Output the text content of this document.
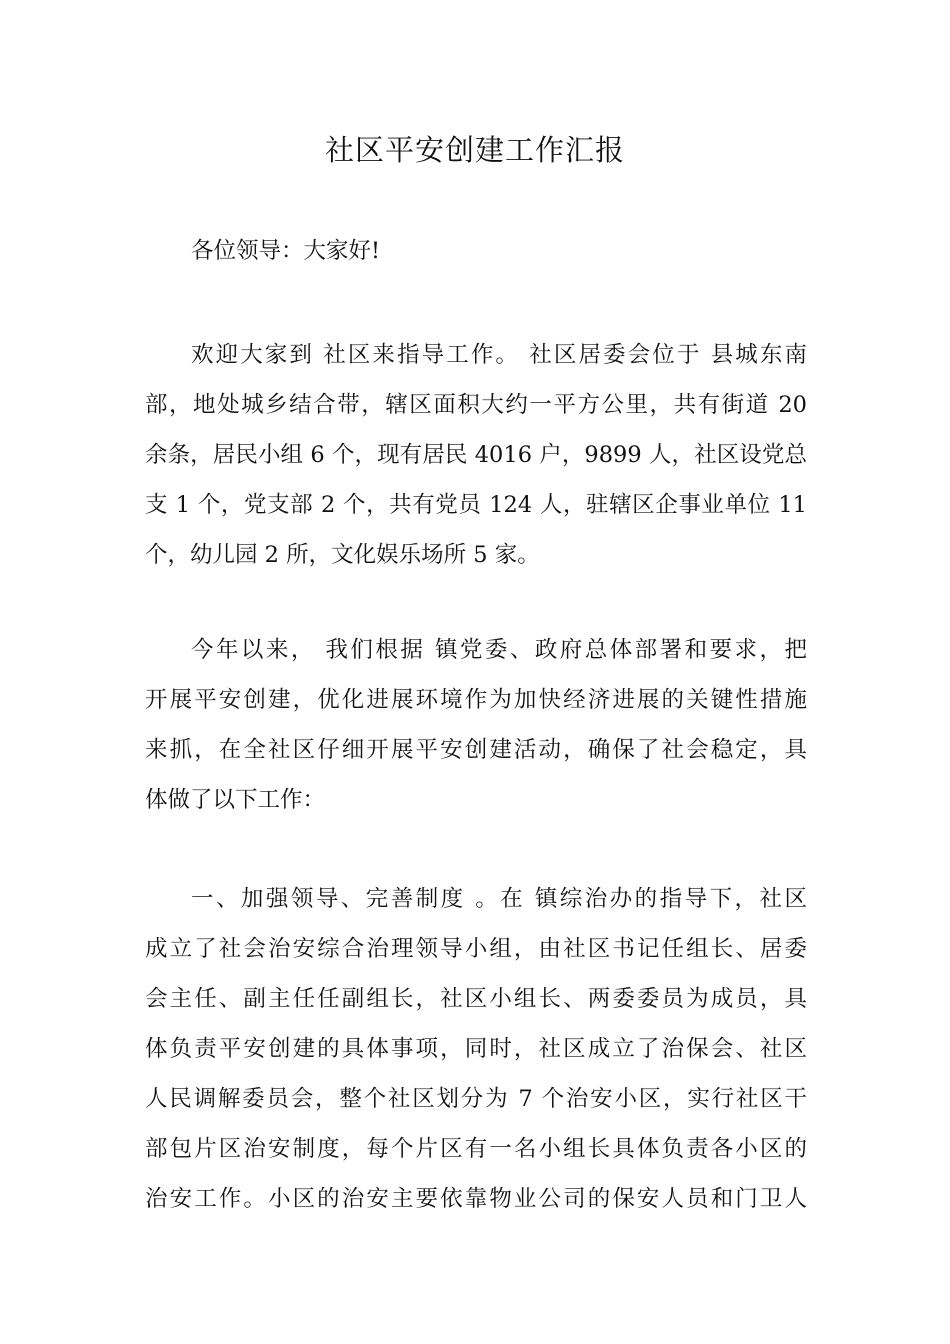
社区平安创建工作汇报
各位领导：大家好!
欢迎大家到 社区来指导工作。 社区居委会位于 县城东南
部，地处城乡结合带，辖区面积大约一平方公里，共有街道 20
余条，居民小组 6 个，现有居民 4016 户，9899 人，社区设党总
支 1 个，党支部 2 个，共有党员 124 人，驻辖区企事业单位 11
个，幼儿园 2 所，文化娱乐场所 5 家。
今年以来， 我们根据 镇党委、政府总体部署和要求，把
开展平安创建，优化进展环境作为加快经济进展的关键性措施
来抓，在全社区仔细开展平安创建活动，确保了社会稳定，具
体做了以下工作：
一、加强领导、完善制度 。在 镇综治办的指导下，社区
成立了社会治安综合治理领导小组，由社区书记任组长、居委
会主任、副主任任副组长，社区小组长、两委委员为成员，具
体负责平安创建的具体事项，同时，社区成立了治保会、社区
人民调解委员会，整个社区划分为 7 个治安小区，实行社区干
部包片区治安制度，每个片区有一名小组长具体负责各小区的
治安工作。小区的治安主要依靠物业公司的保安人员和门卫人
